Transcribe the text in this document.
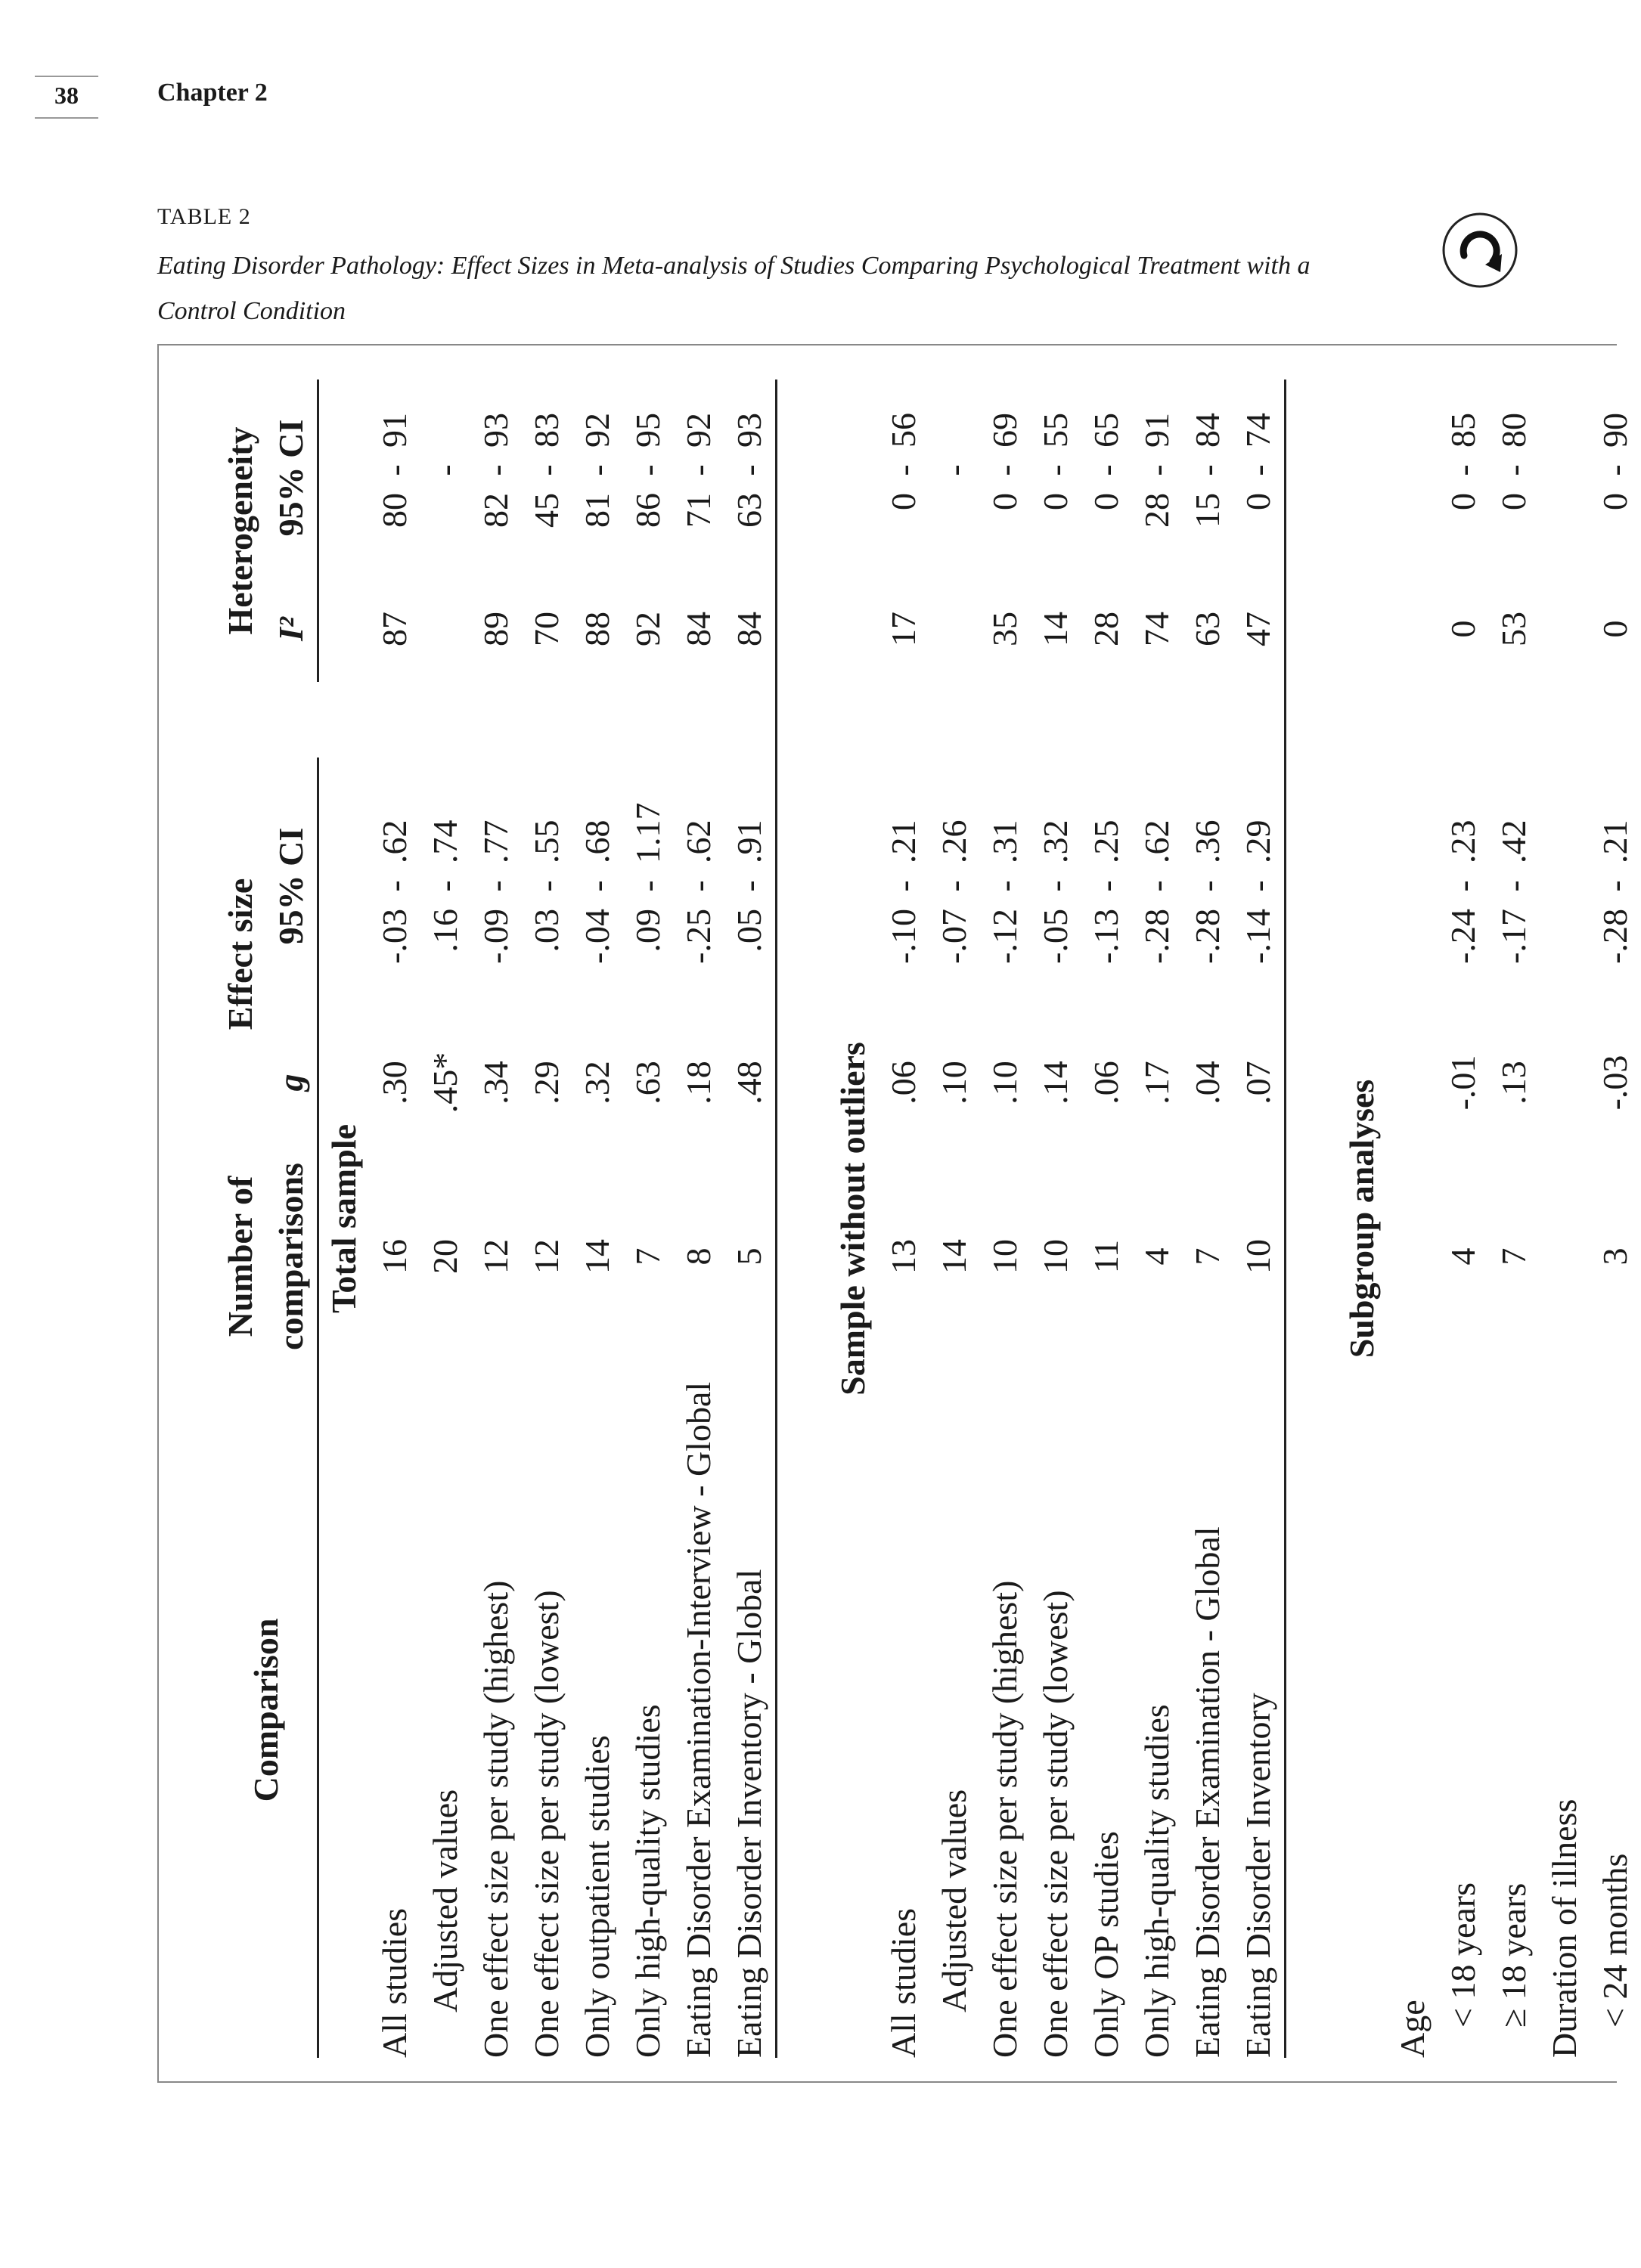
38	Chapter 2
TABLE 2
Eating Disorder Pathology: Effect Sizes in Meta-analysis of Studies Comparing Psychological Treatment with a Control Condition
Comparison	Number of	Effect size					Heterogeneity			
	comparisons	g	95% CI				I²	95% CI		
Total sample										
All studies	16	.30	-.03	-	.62		87	80	-	91
Adjusted values	20	.45*	.16	-	.74				-	
One effect size per study (highest)	12	.34	-.09	-	.77		89	82	-	93
One effect size per study (lowest)	12	.29	.03	-	.55		70	45	-	83
Only outpatient studies	14	.32	-.04	-	.68		88	81	-	92
Only high-quality studies	7	.63	.09	-	1.17		92	86	-	95
Eating Disorder Examination-Interview - Global	8	.18	-.25	-	.62		84	71	-	92
Eating Disorder Inventory - Global	5	.48	.05	-	.91		84	63	-	93

Sample without outliers										
All studies	13	.06	-.10	-	.21		17	0	-	56
Adjusted values	14	.10	-.07	-	.26				-	
One effect size per study (highest)	10	.10	-.12	-	.31		35	0	-	69
One effect size per study (lowest)	10	.14	-.05	-	.32		14	0	-	55
Only OP studies	11	.06	-.13	-	.25		28	0	-	65
Only high-quality studies	4	.17	-.28	-	.62		74	28	-	91
Eating Disorder Examination - Global	7	.04	-.28	-	.36		63	15	-	84
Eating Disorder Inventory	10	.07	-.14	-	.29		47	0	-	74

Subgroup analyses										
Age										
< 18 years	4	-.01	-.24	-	.23		0	0	-	85
≥ 18 years	7	.13	-.17	-	.42		53	0	-	80
Duration of illness										
< 24 months	3	-.03	-.28	-	.21		0	0	-	90
